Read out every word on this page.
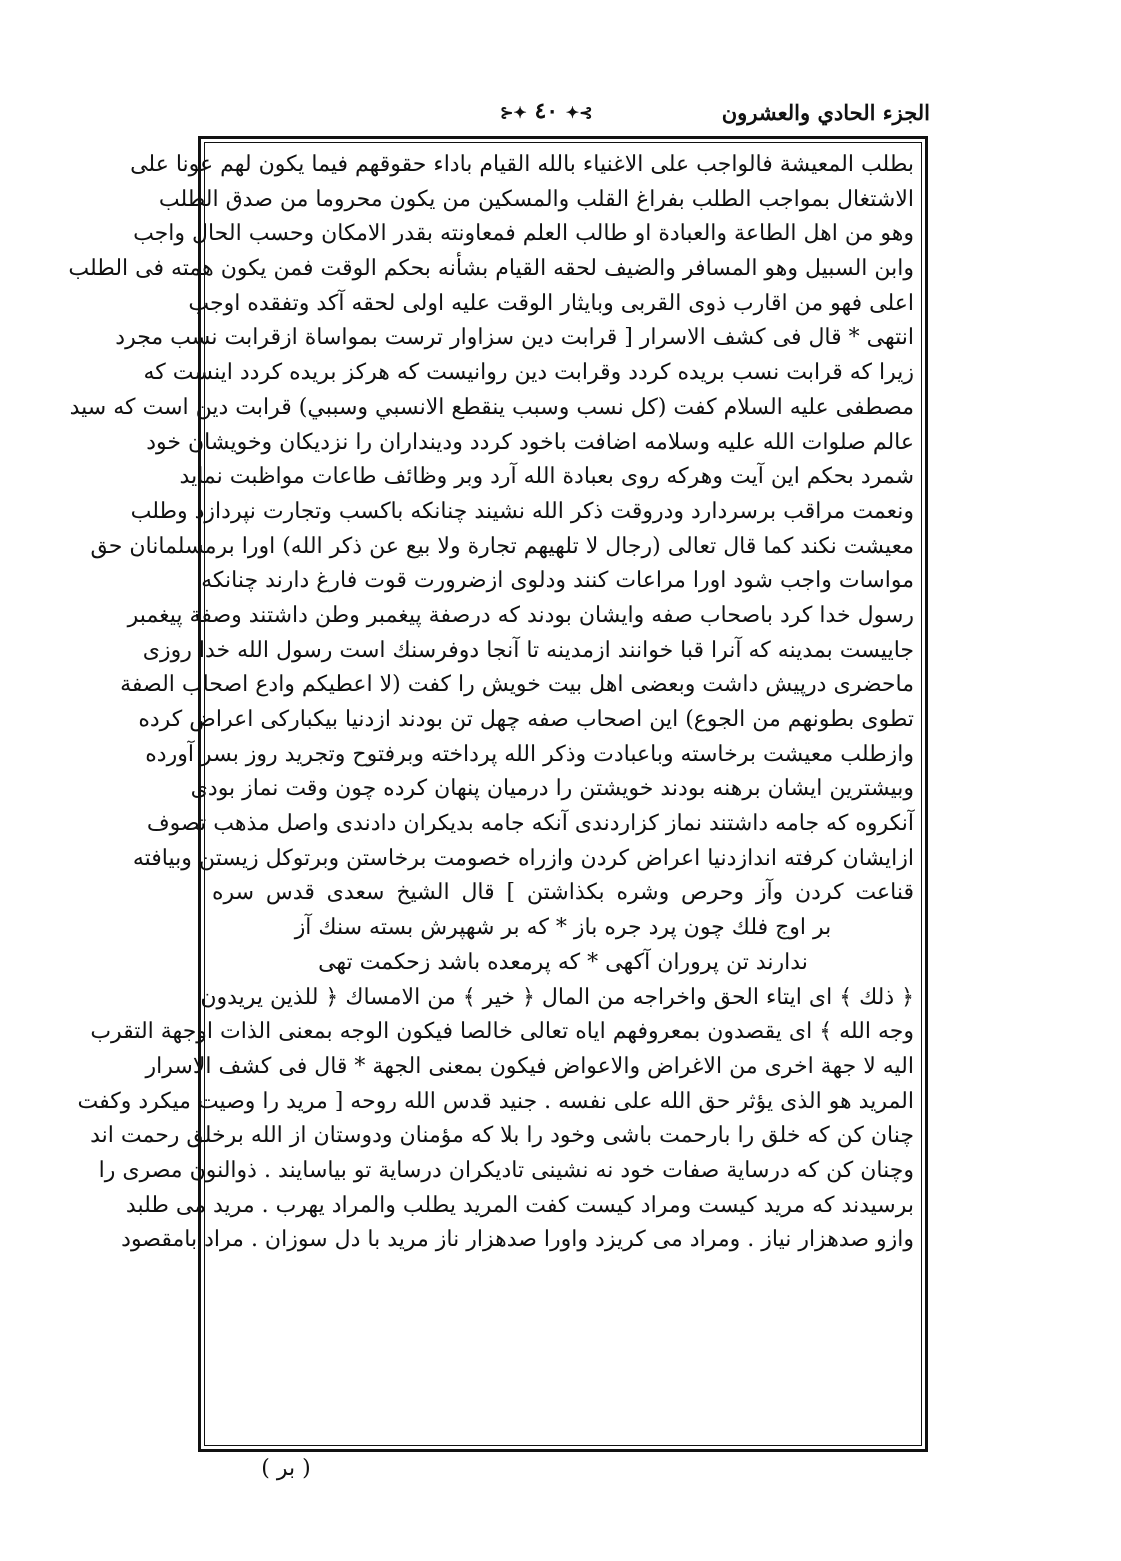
الجزء الحادي والعشرون
⊱✦ ٤٠ ✦⊰
بطلب المعيشة فالواجب على الاغنياء بالله القيام باداء حقوقهم فيما يكون لهم عونا على
الاشتغال بمواجب الطلب بفراغ القلب والمسكين من يكون محروما من صدق الطلب
وهو من اهل الطاعة والعبادة او طالب العلم فمعاونته بقدر الامكان وحسب الحال واجب
وابن السبيل وهو المسافر والضيف لحقه القيام بشأنه بحكم الوقت فمن يكون همته فى الطلب
اعلى فهو من اقارب ذوى القربى وبايثار الوقت عليه اولى لحقه آكد وتفقده اوجب
انتهى * قال فى كشف الاسرار [ قرابت دين سزاوار ترست بمواساة ازقرابت نسب مجرد
زيرا كه قرابت نسب بريده كردد وقرابت دين روانيست كه هركز بريده كردد اينست كه
مصطفى عليه السلام كفت (كل نسب وسبب ينقطع الانسبي وسببي) قرابت دين است كه سيد
عالم صلوات الله عليه وسلامه اضافت باخود كردد ودينداران را نزديكان وخويشان خود
شمرد بحكم اين آيت وهركه روى بعبادة الله آرد وبر وظائف طاعات مواظبت نمايد
ونعمت مراقب برسردارد ودروقت ذكر الله نشيند چنانكه باكسب وتجارت نپردازد وطلب
معيشت نكند كما قال تعالى (رجال لا تلهيهم تجارة ولا بيع عن ذكر الله) اورا برمسلمانان حق
مواسات واجب شود اورا مراعات كنند ودلوى ازضرورت قوت فارغ دارند چنانكه
رسول خدا كرد باصحاب صفه وايشان بودند كه درصفة پيغمبر وطن داشتند وصفة پيغمبر
جاييست بمدينه كه آنرا قبا خوانند ازمدينه تا آنجا دوفرسنك است رسول الله خدا روزى
ماحضرى درپيش داشت وبعضى اهل بيت خويش را كفت (لا اعطيكم وادع اصحاب الصفة
تطوى بطونهم من الجوع) اين اصحاب صفه چهل تن بودند ازدنيا بيكباركى اعراض كرده
وازطلب معيشت برخاسته وباعبادت وذكر الله پرداخته وبرفتوح وتجريد روز بسر آورده
وبيشترين ايشان برهنه بودند خويشتن را درميان پنهان كرده چون وقت نماز بودى
آنكروه كه جامه داشتند نماز كزاردندى آنكه جامه بديكران دادندى واصل مذهب تصوف
ازايشان كرفته اندازدنيا اعراض كردن وازراه خصومت برخاستن وبرتوكل زيستن وبيافته
قناعت كردن وآز وحرص وشره بكذاشتن ] قال الشيخ سعدى قدس سره
بر اوج فلك چون پرد جره باز * كه بر شهپرش بسته سنك آز
ندارند تن پروران آكهى * كه پرمعده باشد زحكمت تهى
﴿ ذلك ﴾ اى ايتاء الحق واخراجه من المال ﴿ خير ﴾ من الامساك ﴿ للذين يريدون
وجه الله ﴾ اى يقصدون بمعروفهم اياه تعالى خالصا فيكون الوجه بمعنى الذات اوجهة التقرب
اليه لا جهة اخرى من الاغراض والاعواض فيكون بمعنى الجهة * قال فى كشف الاسرار
المريد هو الذى يؤثر حق الله على نفسه . جنيد قدس الله روحه [ مريد را وصيت ميكرد وكفت
چنان كن كه خلق را بارحمت باشى وخود را بلا كه مؤمنان ودوستان از الله برخلق رحمت اند
وچنان كن كه درساية صفات خود نه نشينى تاديكران درساية تو بياسايند . ذوالنون مصرى را
برسيدند كه مريد كيست ومراد كيست كفت المريد يطلب والمراد يهرب . مريد مى طلبد
وازو صدهزار نياز . ومراد مى كريزد واورا صدهزار ناز مريد با دل سوزان . مراد بامقصود
( بر )
